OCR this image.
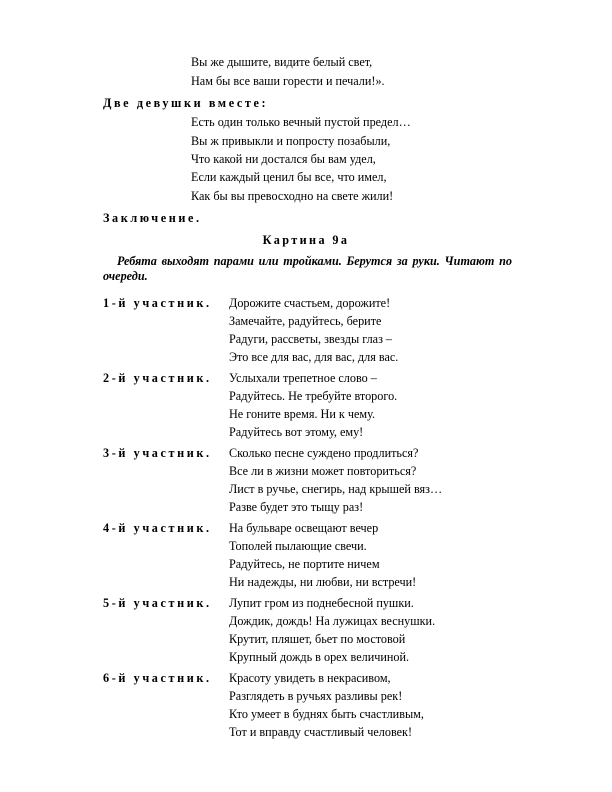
Вы же дышите, видите белый свет,
Нам бы все ваши горести и печали!».
Две девушки вместе:
Есть один только вечный пустой предел…
Вы ж привыкли и попросту позабыли,
Что какой ни достался бы вам удел,
Если каждый ценил бы все, что имел,
Как бы вы превосходно на свете жили!
Заключение.
Картина 9а
Ребята выходят парами или тройками. Берутся за руки. Читают по очереди.
1-й участник. Дорожите счастьем, дорожите!
Замечайте, радуйтесь, берите
Радуги, рассветы, звезды глаз –
Это все для вас, для вас, для вас.
2-й участник. Услыхали трепетное слово –
Радуйтесь. Не требуйте второго.
Не гоните время. Ни к чему.
Радуйтесь вот этому, ему!
3-й участник. Сколько песне суждено продлиться?
Все ли в жизни может повториться?
Лист в ручье, снегирь, над крышей вяз…
Разве будет это тыщу раз!
4-й участник. На бульваре освещают вечер
Тополей пылающие свечи.
Радуйтесь, не портите ничем
Ни надежды, ни любви, ни встречи!
5-й участник. Лупит гром из поднебесной пушки.
Дождик, дождь! На лужицах веснушки.
Крутит, пляшет, бьет по мостовой
Крупный дождь в орех величиной.
6-й участник. Красоту увидеть в некрасивом,
Разглядеть в ручьях разливы рек!
Кто умеет в буднях быть счастливым,
Тот и вправду счастливый человек!
